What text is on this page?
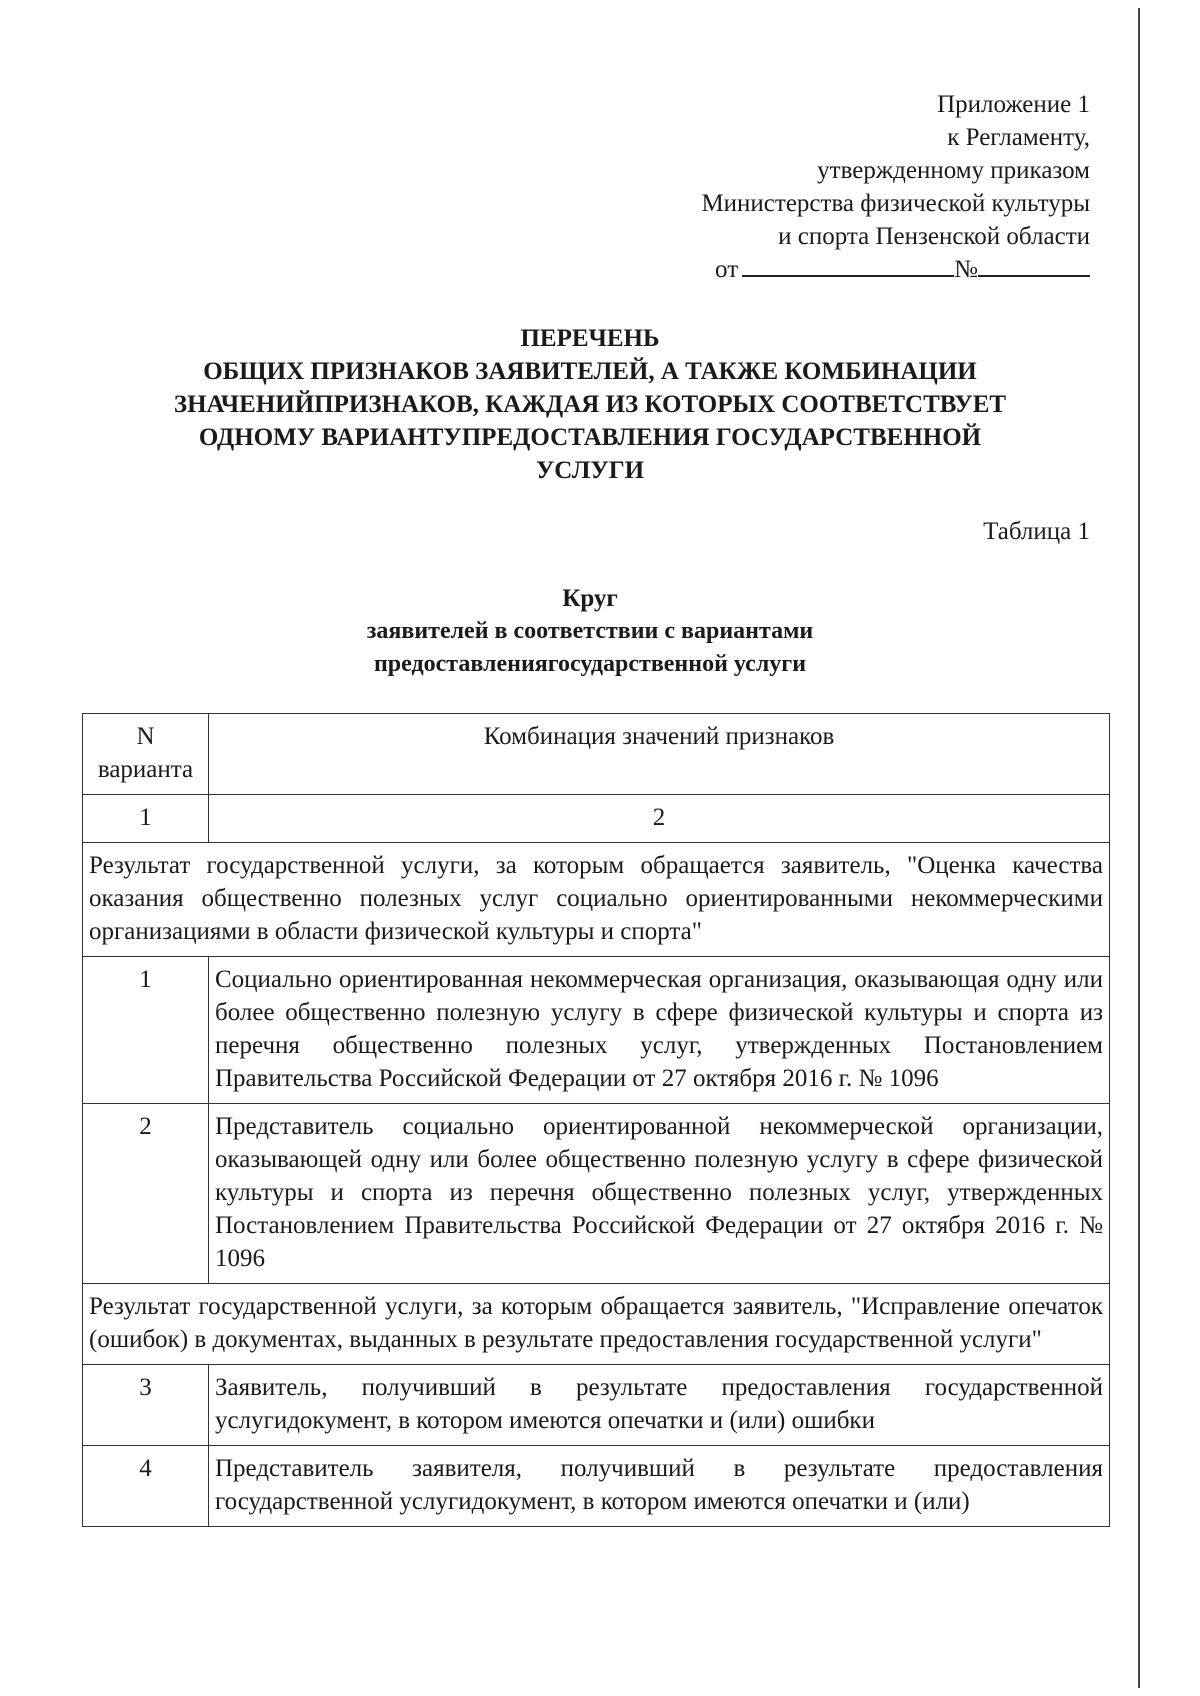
Приложение 1
к Регламенту,
утвержденному приказом
Министерства физической культуры
и спорта Пензенской области
от	№
ПЕРЕЧЕНЬ
ОБЩИХ ПРИЗНАКОВ ЗАЯВИТЕЛЕЙ, А ТАКЖЕ КОМБИНАЦИИ
ЗНАЧЕНИЙПРИЗНАКОВ, КАЖДАЯ ИЗ КОТОРЫХ СООТВЕТСТВУЕТ
ОДНОМУ ВАРИАНТУПРЕДОСТАВЛЕНИЯ ГОСУДАРСТВЕННОЙ
УСЛУГИ
Таблица 1
Круг
заявителей в соответствии с вариантами
предоставлениягосударственной услуги
N варианта	Комбинация значений признаков
1	2
Результат государственной услуги, за которым обращается заявитель, "Оценка качества оказания общественно полезных услуг социально ориентированными некоммерческими организациями в области физической культуры и спорта"	
1	Социально ориентированная некоммерческая организация, оказывающая одну или более общественно полезную услугу в сфере физической культуры и спорта из перечня общественно полезных услуг, утвержденных Постановлением Правительства Российской Федерации от 27 октября 2016 г. № 1096
2	Представитель социально ориентированной некоммерческой организации, оказывающей одну или более общественно полезную услугу в сфере физической культуры и спорта из перечня общественно полезных услуг, утвержденных Постановлением Правительства Российской Федерации от 27 октября 2016 г. № 1096
Результат государственной услуги, за которым обращается заявитель, "Исправление опечаток (ошибок) в документах, выданных в результате предоставления государственной услуги"	
3	Заявитель, получивший в результате предоставления государственной услугидокумент, в котором имеются опечатки и (или) ошибки
4	Представитель заявителя, получивший в результате предоставления государственной услугидокумент, в котором имеются опечатки и (или)
